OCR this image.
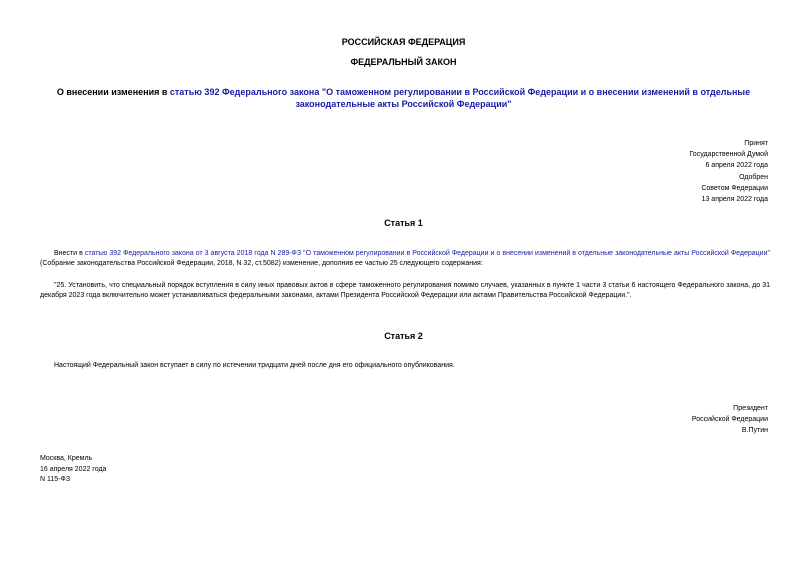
РОССИЙСКАЯ ФЕДЕРАЦИЯ
ФЕДЕРАЛЬНЫЙ ЗАКОН
О внесении изменения в статью 392 Федерального закона "О таможенном регулировании в Российской Федерации и о внесении изменений в отдельные законодательные акты Российской Федерации"
Принят
Государственной Думой
6 апреля 2022 года
Одобрен
Советом Федерации
13 апреля 2022 года
Статья 1
Внести в статью 392 Федерального закона от 3 августа 2018 года N 289-ФЗ "О таможенном регулировании в Российской Федерации и о внесении изменений в отдельные законодательные акты Российской Федерации" (Собрание законодательства Российской Федерации, 2018, N 32, ст.5082) изменение, дополнив ее частью 25 следующего содержания:
"25. Установить, что специальный порядок вступления в силу иных правовых актов в сфере таможенного регулирования помимо случаев, указанных в пункте 1 части 3 статьи 6 настоящего Федерального закона, до 31 декабря 2023 года включительно может устанавливаться федеральными законами, актами Президента Российской Федерации или актами Правительства Российской Федерации.".
Статья 2
Настоящий Федеральный закон вступает в силу по истечении тридцати дней после дня его официального опубликования.
Президент
Российской Федерации
В.Путин
Москва, Кремль
16 апреля 2022 года
N 115-ФЗ
